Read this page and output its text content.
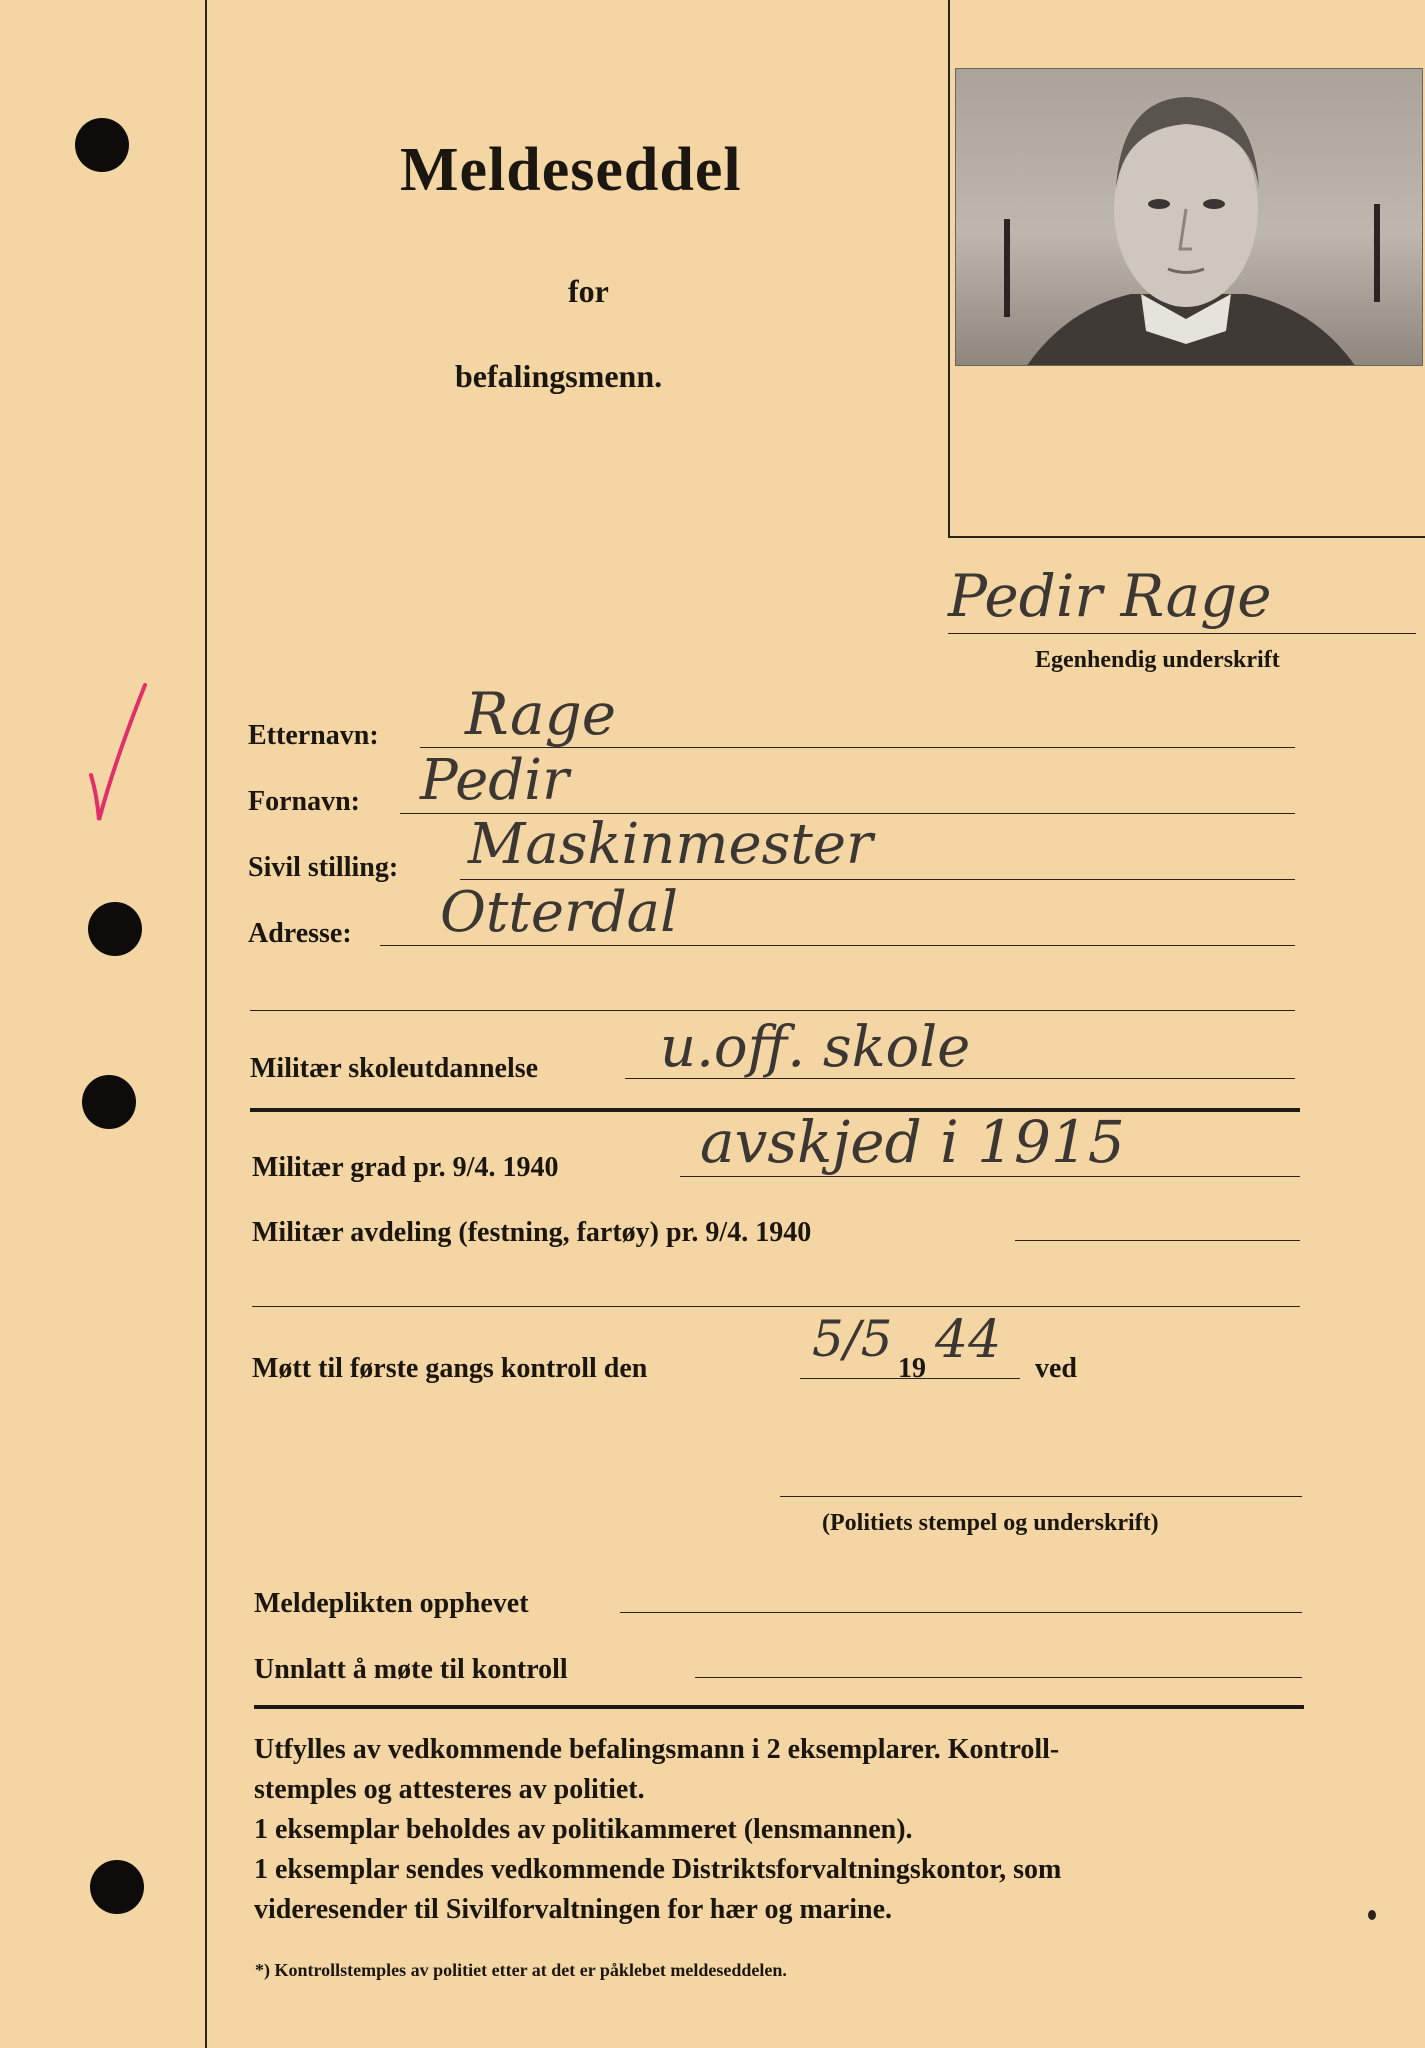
Meldeseddel
for
befalingsmenn.
Pedir Rage
Egenhendig underskrift
Etternavn: Rage
Fornavn: Pedir
Sivil stilling: Maskinmester
Adresse: Otterdal
Militær skoleutdannelse u.off. skole
Militær grad pr. 9/4. 1940 avskjed i 1915
Militær avdeling (festning, fartøy) pr. 9/4. 1940
Møtt til første gangs kontroll den
5/5
19 44 ved
(Politiets stempel og underskrift)
Meldeplikten opphevet
Unnlatt å møte til kontroll
Utfylles av vedkommende befalingsmann i 2 eksemplarer. Kontroll-
stemples og attesteres av politiet.
1 eksemplar beholdes av politikammeret (lensmannen).
1 eksemplar sendes vedkommende Distriktsforvaltningskontor, som
videresender til Sivilforvaltningen for hær og marine.
*) Kontrollstemples av politiet etter at det er påklebet meldeseddelen.
